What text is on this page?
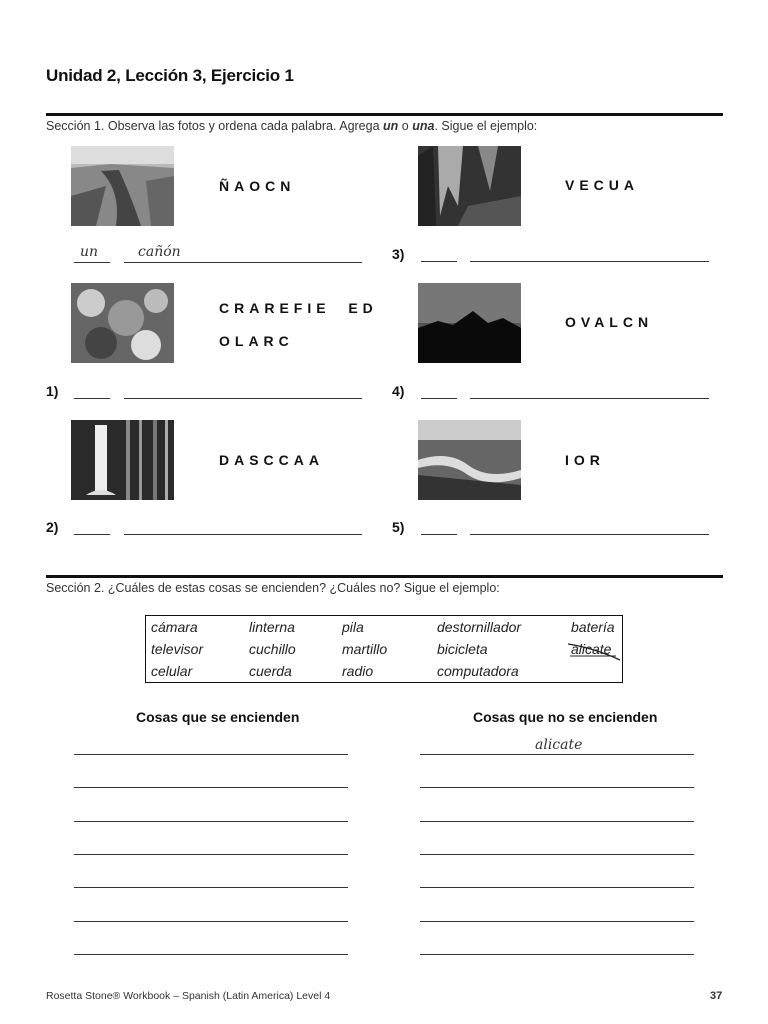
Unidad 2, Lección 3, Ejercicio 1
Sección 1. Observa las fotos y ordena cada palabra. Agrega un o una. Sigue el ejemplo:
ÑAOCN	VECUA
CRAREFIE  ED
OLARC
OVALCN
DASCCAA	IOR
un	cañón	3)
1)	4)
2)	5)
Sección 2. ¿Cuáles de estas cosas se encienden? ¿Cuáles no? Sigue el ejemplo:
cámara	linterna	pila	destornillador	batería
televisor	cuchillo	martillo	bicicleta	alicate
celular	cuerda	radio	computadora
Cosas que se encienden	Cosas que no se encienden
alicate
Rosetta Stone® Workbook – Spanish (Latin America) Level 4	37
